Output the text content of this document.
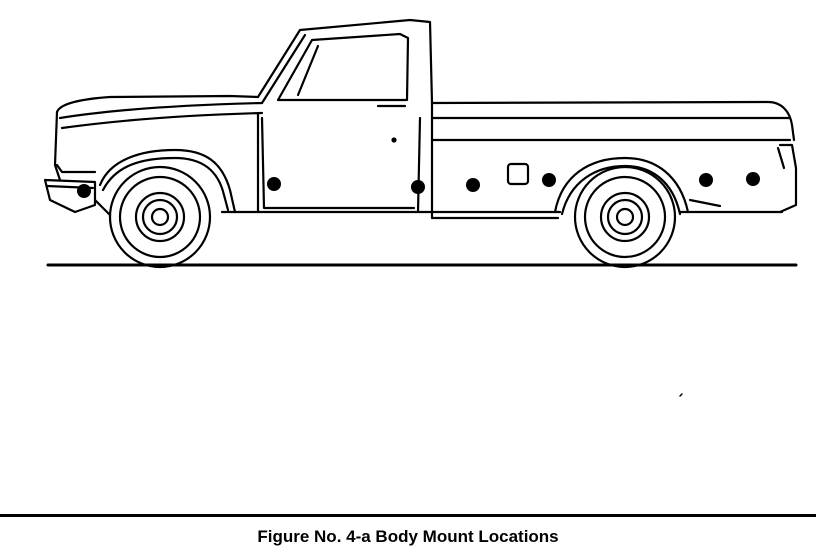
Figure No. 4-a Body Mount Locations
